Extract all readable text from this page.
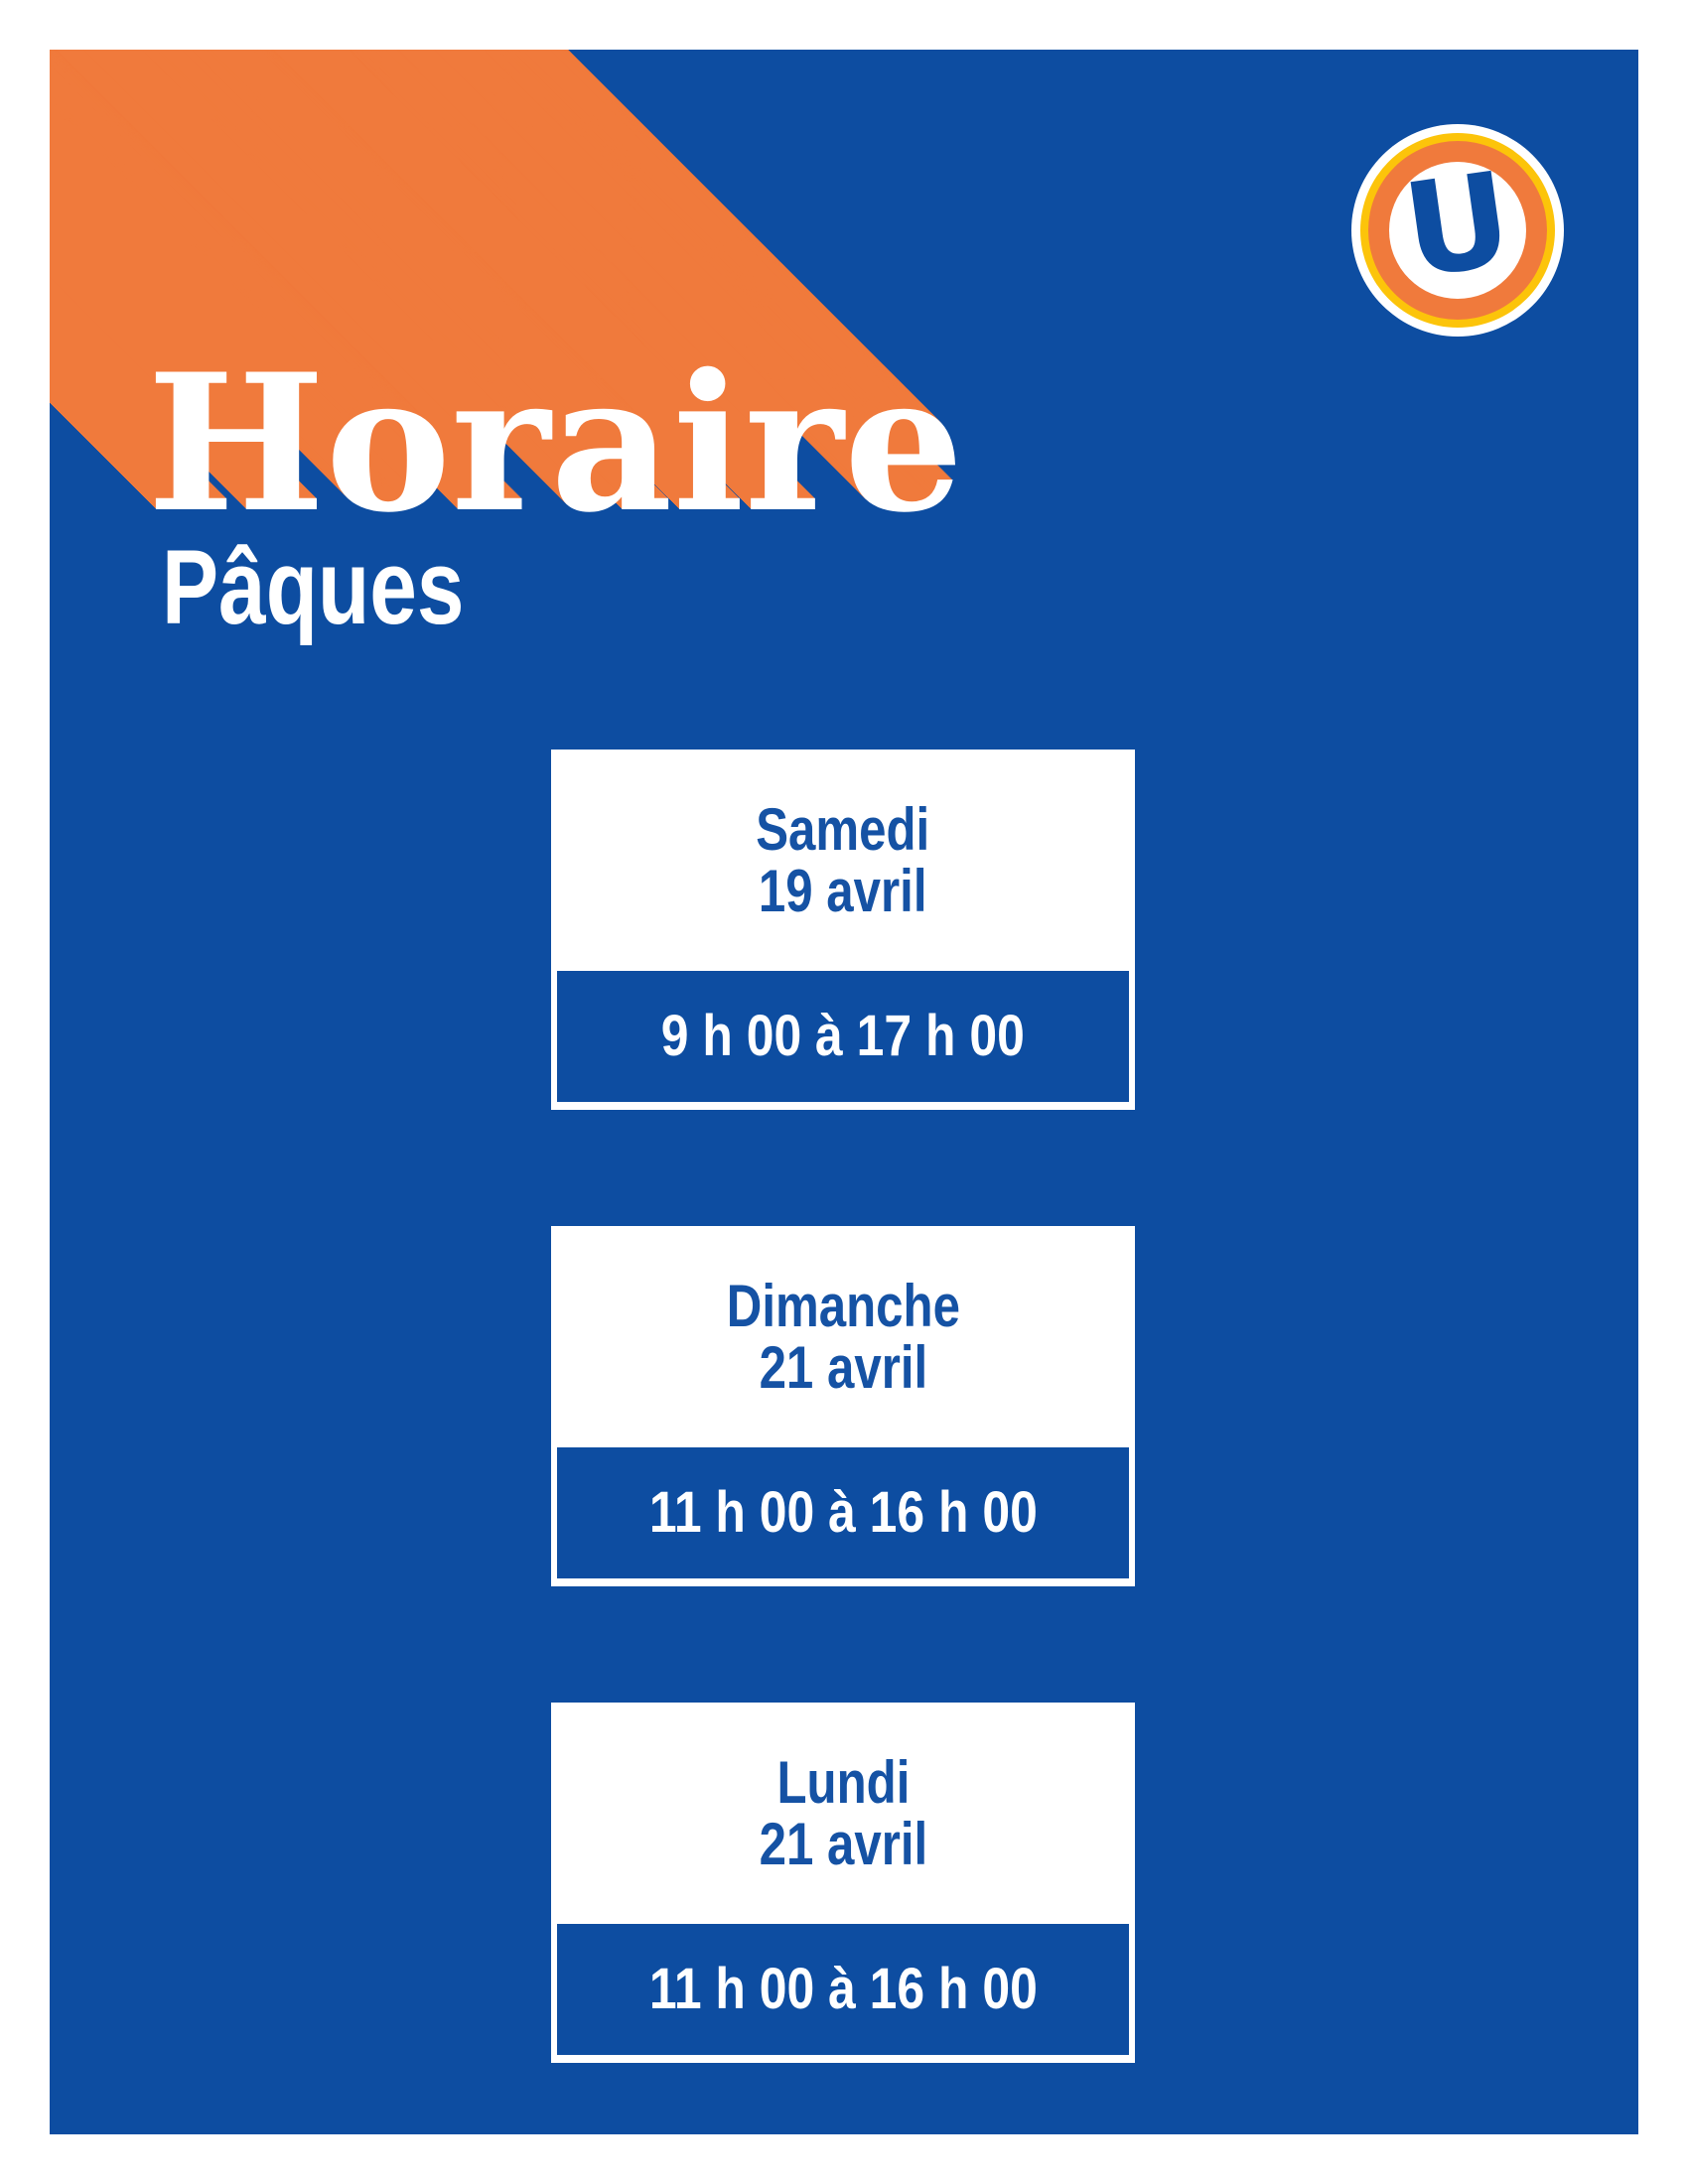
Horaire
Pâques
U
Samedi
19 avril
9 h 00 à 17 h 00
Dimanche
21 avril
11 h 00 à 16 h 00
Lundi
21 avril
11 h 00 à 16 h 00
